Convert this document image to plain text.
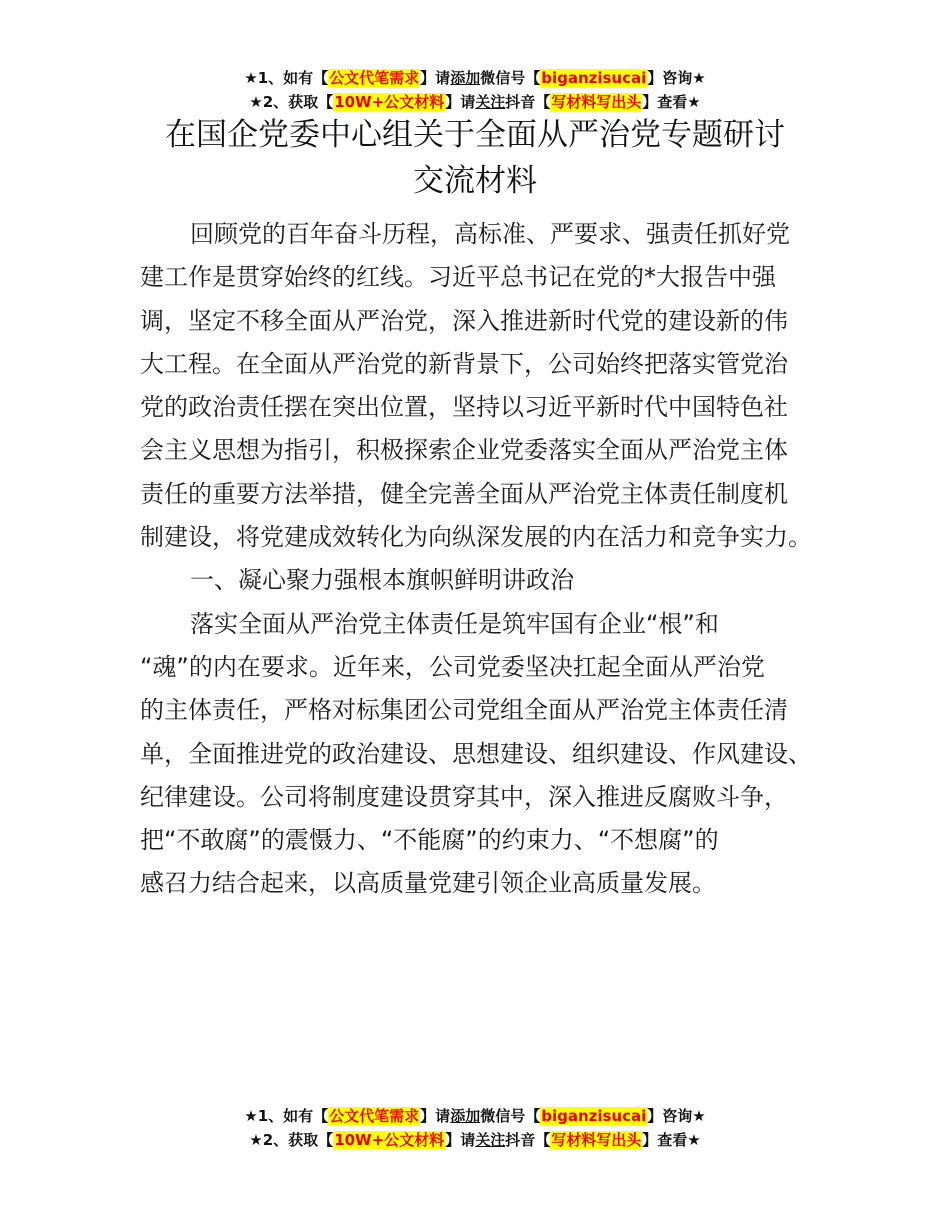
★1、如有【公文代笔需求】请添加微信号【biganzisucai】咨询★
★2、获取【10W+公文材料】请关注抖音【写材料写出头】查看★
在国企党委中心组关于全面从严治党专题研讨
交流材料
回顾党的百年奋斗历程，高标准、严要求、强责任抓好党
建工作是贯穿始终的红线。习近平总书记在党的*大报告中强
调，坚定不移全面从严治党，深入推进新时代党的建设新的伟
大工程。在全面从严治党的新背景下，公司始终把落实管党治
党的政治责任摆在突出位置，坚持以习近平新时代中国特色社
会主义思想为指引，积极探索企业党委落实全面从严治党主体
责任的重要方法举措，健全完善全面从严治党主体责任制度机
制建设，将党建成效转化为向纵深发展的内在活力和竞争实力。
一、凝心聚力强根本旗帜鲜明讲政治
落实全面从严治党主体责任是筑牢国有企业“根”和
“魂”的内在要求。近年来，公司党委坚决扛起全面从严治党
的主体责任，严格对标集团公司党组全面从严治党主体责任清
单，全面推进党的政治建设、思想建设、组织建设、作风建设、
纪律建设。公司将制度建设贯穿其中，深入推进反腐败斗争，
把“不敢腐”的震慑力、“不能腐”的约束力、“不想腐”的
感召力结合起来，以高质量党建引领企业高质量发展。
★1、如有【公文代笔需求】请添加微信号【biganzisucai】咨询★
★2、获取【10W+公文材料】请关注抖音【写材料写出头】查看★
